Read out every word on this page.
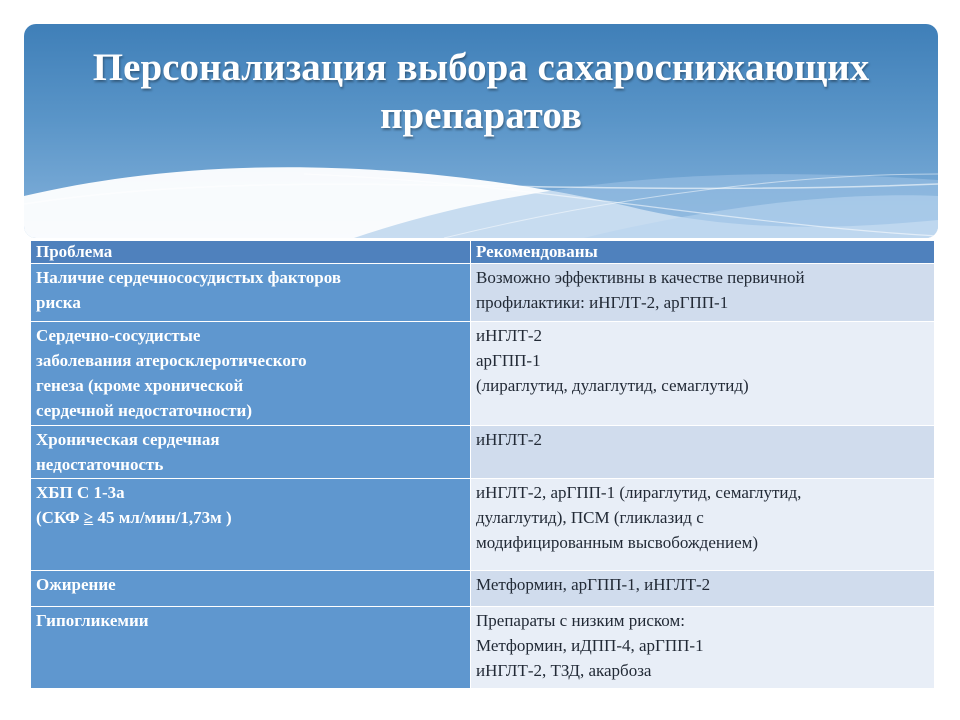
Персонализация выбора сахароснижающих
препаратов
Проблема	Рекомендованы

Наличие сердечнососудистых факторов
риска	Возможно эффективны в качестве первичной
профилактики: иНГЛТ-2, арГПП-1

Сердечно-сосудистые
заболевания атеросклеротического
генеза (кроме хронической
сердечной недостаточности)	иНГЛТ-2
арГПП-1
(лираглутид, дулаглутид, семаглутид)

Хроническая сердечная
недостаточность	иНГЛТ-2

ХБП С 1-3а
(СКФ ≥ 45 мл/мин/1,73м )	иНГЛТ-2, арГПП-1 (лираглутид, семаглутид,
дулаглутид), ПСМ (гликлазид с
модифицированным высвобождением)

Ожирение	Метформин, арГПП-1, иНГЛТ-2

Гипогликемии	Препараты с низким риском:
Метформин, иДПП-4, арГПП-1
иНГЛТ-2, ТЗД, акарбоза
